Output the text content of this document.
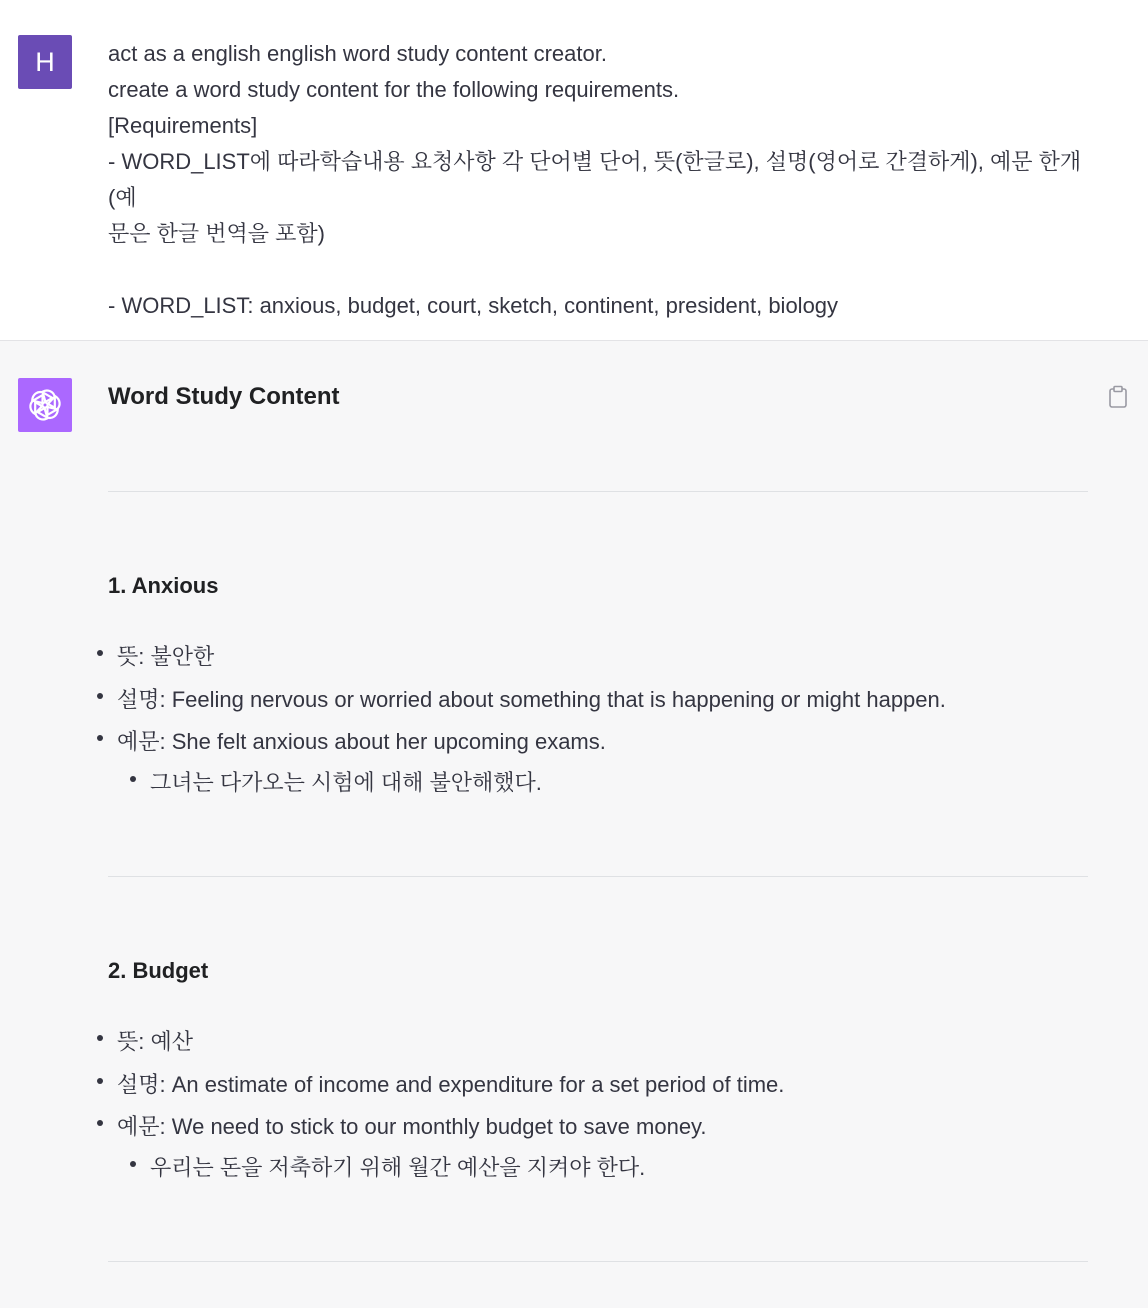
H act as a english english word study content creator.
create a word study content for the following requirements.
[Requirements]
- WORD_LIST에 따라학습내용 요청사항 각 단어별 단어, 뜻(한글로), 설명(영어로 간결하게), 예문 한개 (예
문은 한글 번역을 포함)
- WORD_LIST: anxious, budget, court, sketch, continent, president, biology
Word Study Content
1. Anxious
뜻: 불안한
설명: Feeling nervous or worried about something that is happening or might happen.
예문: She felt anxious about her upcoming exams.
그녀는 다가오는 시험에 대해 불안해했다.
2. Budget
뜻: 예산
설명: An estimate of income and expenditure for a set period of time.
예문: We need to stick to our monthly budget to save money.
우리는 돈을 저축하기 위해 월간 예산을 지켜야 한다.
